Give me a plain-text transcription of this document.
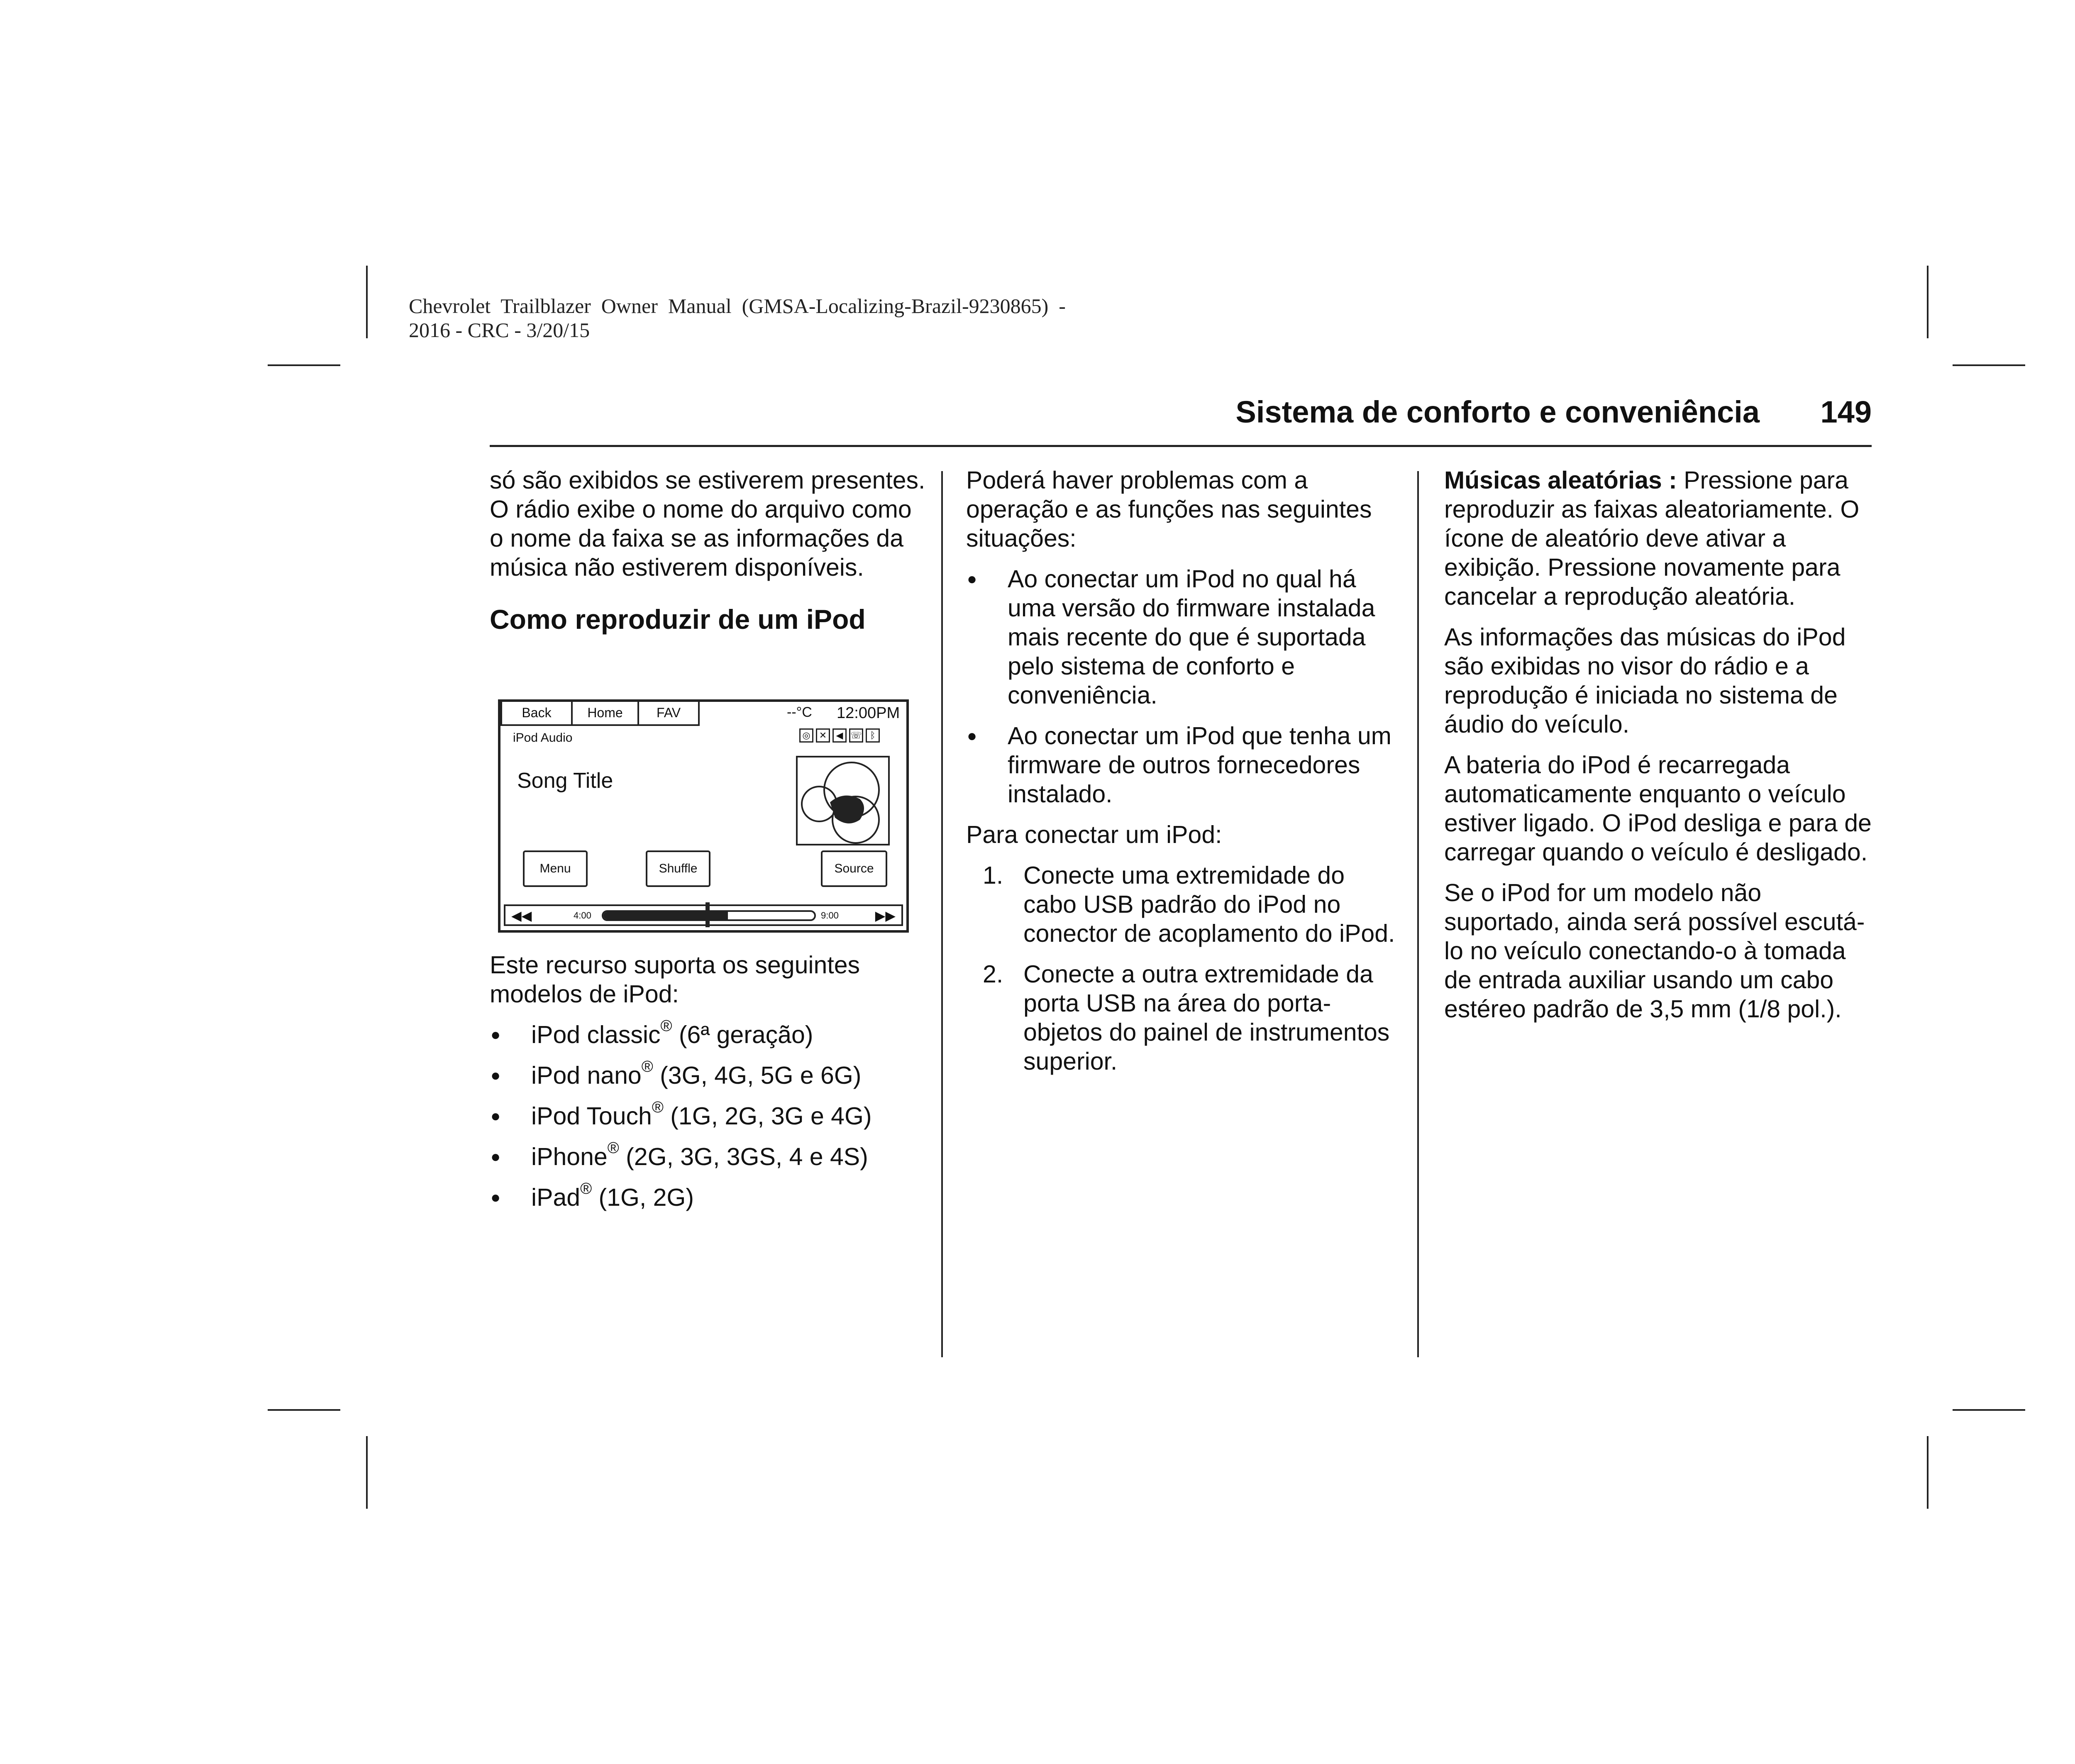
Chevrolet  Trailblazer  Owner  Manual  (GMSA-Localizing-Brazil-9230865)  -
2016 - CRC - 3/20/15
Sistema de conforto e conveniência 149

só são exibidos se estiverem presentes. O rádio exibe o nome do arquivo como o nome da faixa se as informações da música não estiverem disponíveis.

Como reproduzir de um iPod
Back	Home	FAV	--°C 12:00PM
iPod Audio	◎ ✕	◀ ☏ ᛒ
Song Title
Menu	Shuffle	Source
◀◀	4:00	9:00	▶▶

Este recurso suporta os seguintes modelos de iPod:

● iPod classic® (6ª geração)
● iPod nano® (3G, 4G, 5G e 6G)
● iPod Touch® (1G, 2G, 3G e 4G)
● iPhone® (2G, 3G, 3GS, 4 e 4S)
● iPad® (1G, 2G)

Poderá haver problemas com a operação e as funções nas seguintes situações:

● Ao conectar um iPod no qual há uma versão do firmware instalada mais recente do que é suportada pelo sistema de conforto e conveniência.
● Ao conectar um iPod que tenha um firmware de outros fornecedores instalado.

Para conectar um iPod:

1. Conecte uma extremidade do cabo USB padrão do iPod no conector de acoplamento do iPod.
2. Conecte a outra extremidade da porta USB na área do porta-objetos do painel de instrumentos superior.

Músicas aleatórias : Pressione para reproduzir as faixas aleatoriamente. O ícone de aleatório deve ativar a exibição. Pressione novamente para cancelar a reprodução aleatória.

As informações das músicas do iPod são exibidas no visor do rádio e a reprodução é iniciada no sistema de áudio do veículo.

A bateria do iPod é recarregada automaticamente enquanto o veículo estiver ligado. O iPod desliga e para de carregar quando o veículo é desligado.

Se o iPod for um modelo não suportado, ainda será possível escutá-lo no veículo conectando-o à tomada de entrada auxiliar usando um cabo estéreo padrão de 3,5 mm (1/8 pol.).
